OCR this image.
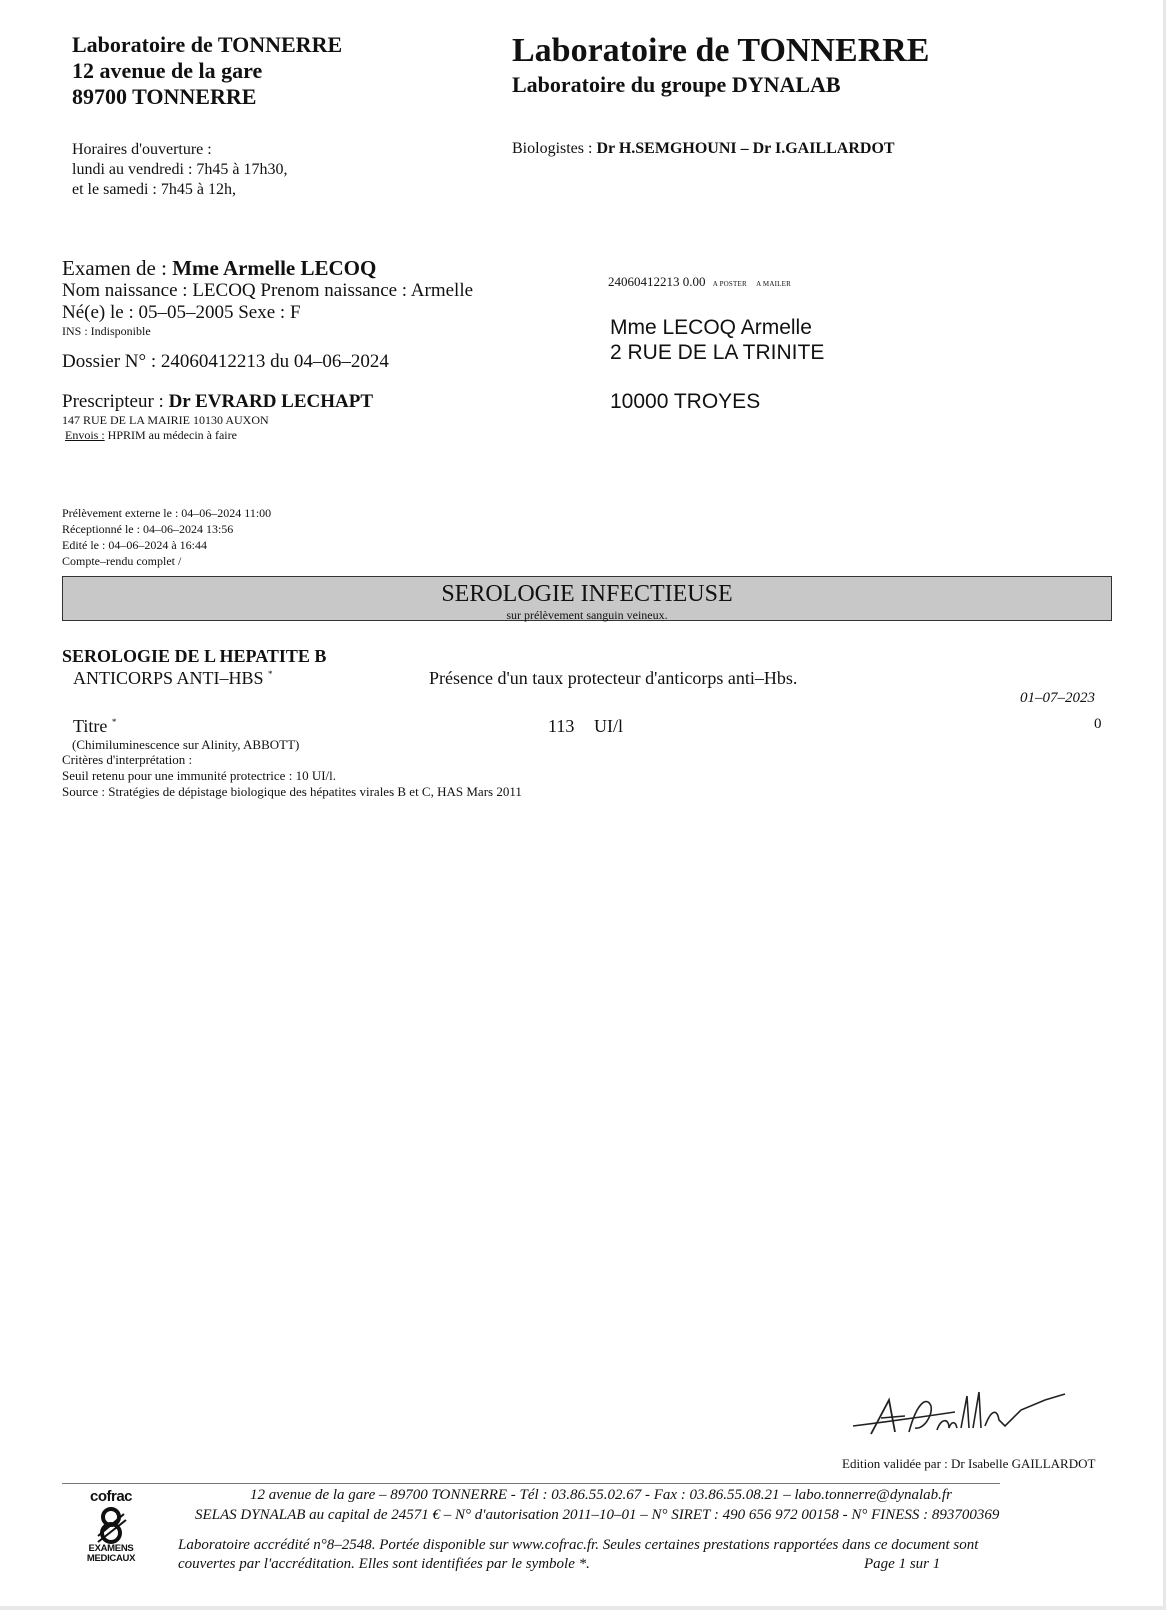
Laboratoire de TONNERRE
12 avenue de la gare
89700 TONNERRE
Horaires d'ouverture :
lundi au vendredi : 7h45 à 17h30,
et le samedi : 7h45 à 12h,
Laboratoire de TONNERRE
Laboratoire du groupe DYNALAB
Biologistes : Dr H.SEMGHOUNI – Dr I.GAILLARDOT
Examen de : Mme Armelle LECOQ
Nom naissance : LECOQ Prenom naissance : Armelle
Né(e) le : 05–05–2005 Sexe : F
INS : Indisponible
Dossier N° : 24060412213 du 04–06–2024
Prescripteur : Dr EVRARD LECHAPT
147 RUE DE LA MAIRIE 10130 AUXON
Envois : HPRIM au médecin à faire
24060412213 0.00 A POSTER A MAILER
Mme LECOQ Armelle
2 RUE DE LA TRINITE
10000 TROYES
Prélèvement externe le : 04–06–2024 11:00
Réceptionné le : 04–06–2024 13:56
Edité le : 04–06–2024 à 16:44
Compte–rendu complet /
SEROLOGIE INFECTIEUSE
sur prélèvement sanguin veineux.
SEROLOGIE DE L HEPATITE B
ANTICORPS ANTI–HBS *	Présence d'un taux protecteur d'anticorps anti–Hbs.
01–07–2023
Titre *	113 UI/l	0
(Chimiluminescence sur Alinity, ABBOTT)
Critères d'interprétation :
Seuil retenu pour une immunité protectrice : 10 UI/l.
Source : Stratégies de dépistage biologique des hépatites virales B et C, HAS Mars 2011
Edition validée par : Dr Isabelle GAILLARDOT
cofrac
EXAMENS
MEDICAUX
12 avenue de la gare – 89700 TONNERRE - Tél : 03.86.55.02.67 - Fax : 03.86.55.08.21 – labo.tonnerre@dynalab.fr
SELAS DYNALAB au capital de 24571 € – N° d'autorisation 2011–10–01 – N° SIRET : 490 656 972 00158 - N° FINESS : 893700369
Laboratoire accrédité n°8–2548. Portée disponible sur www.cofrac.fr. Seules certaines prestations rapportées dans ce document sont
couvertes par l'accréditation. Elles sont identifiées par le symbole *.	Page 1 sur 1
